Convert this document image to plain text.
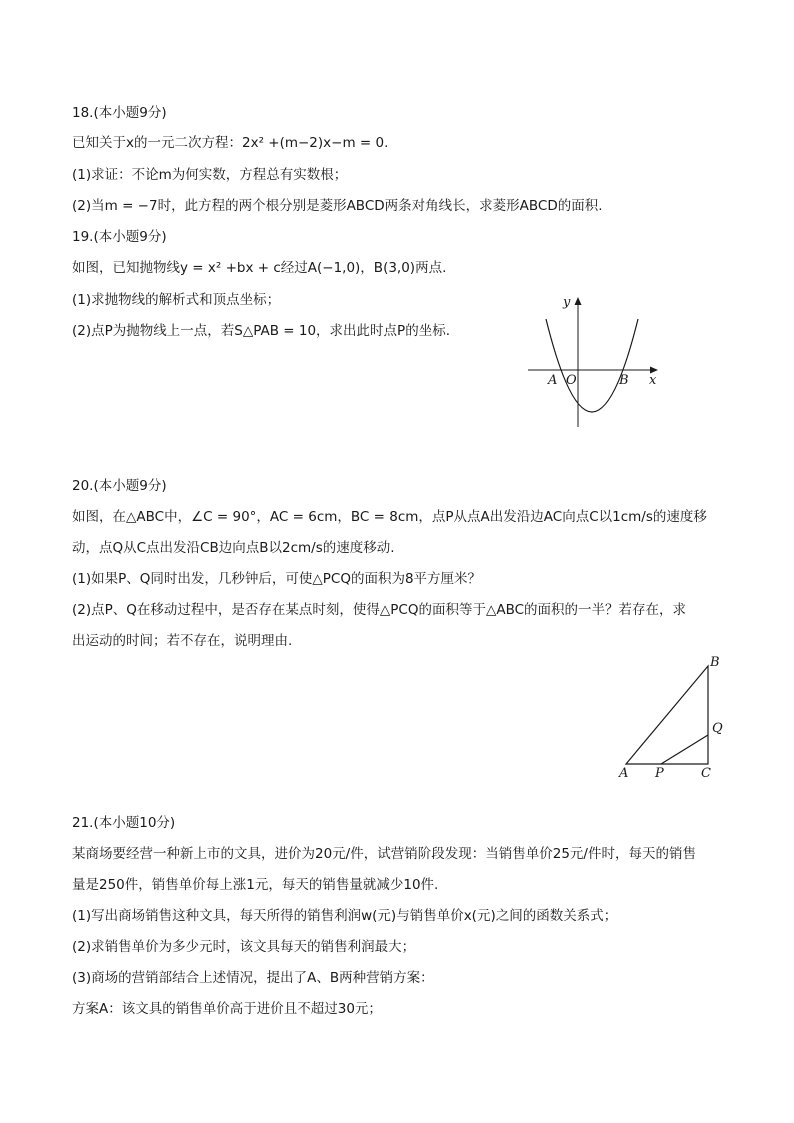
18.(本小题9分)
已知关于x的一元二次方程：2x² +(m−2)x−m = 0.
(1)求证：不论m为何实数，方程总有实数根；
(2)当m = −7时，此方程的两个根分别是菱形ABCD两条对角线长，求菱形ABCD的面积.
19.(本小题9分)
如图，已知抛物线y = x² +bx + c经过A(−1,0)，B(3,0)两点.
(1)求抛物线的解析式和顶点坐标；
(2)点P为抛物线上一点，若S△PAB = 10，求出此时点P的坐标.
y
x
A O	B
20.(本小题9分)
如图，在△ABC中，∠C = 90°，AC = 6cm，BC = 8cm，点P从点A出发沿边AC向点C以1cm/s的速度移
动，点Q从C点出发沿CB边向点B以2cm/s的速度移动.
(1)如果P、Q同时出发，几秒钟后，可使△PCQ的面积为8平方厘米？
(2)点P、Q在移动过程中，是否存在某点时刻，使得△PCQ的面积等于△ABC的面积的一半？若存在，求
出运动的时间；若不存在，说明理由.
A P	C
B
Q
21.(本小题10分)
某商场要经营一种新上市的文具，进价为20元/件，试营销阶段发现：当销售单价25元/件时，每天的销售
量是250件，销售单价每上涨1元，每天的销售量就减少10件.
(1)写出商场销售这种文具，每天所得的销售利润w(元)与销售单价x(元)之间的函数关系式；
(2)求销售单价为多少元时，该文具每天的销售利润最大；
(3)商场的营销部结合上述情况，提出了A、B两种营销方案：
方案A：该文具的销售单价高于进价且不超过30元；
